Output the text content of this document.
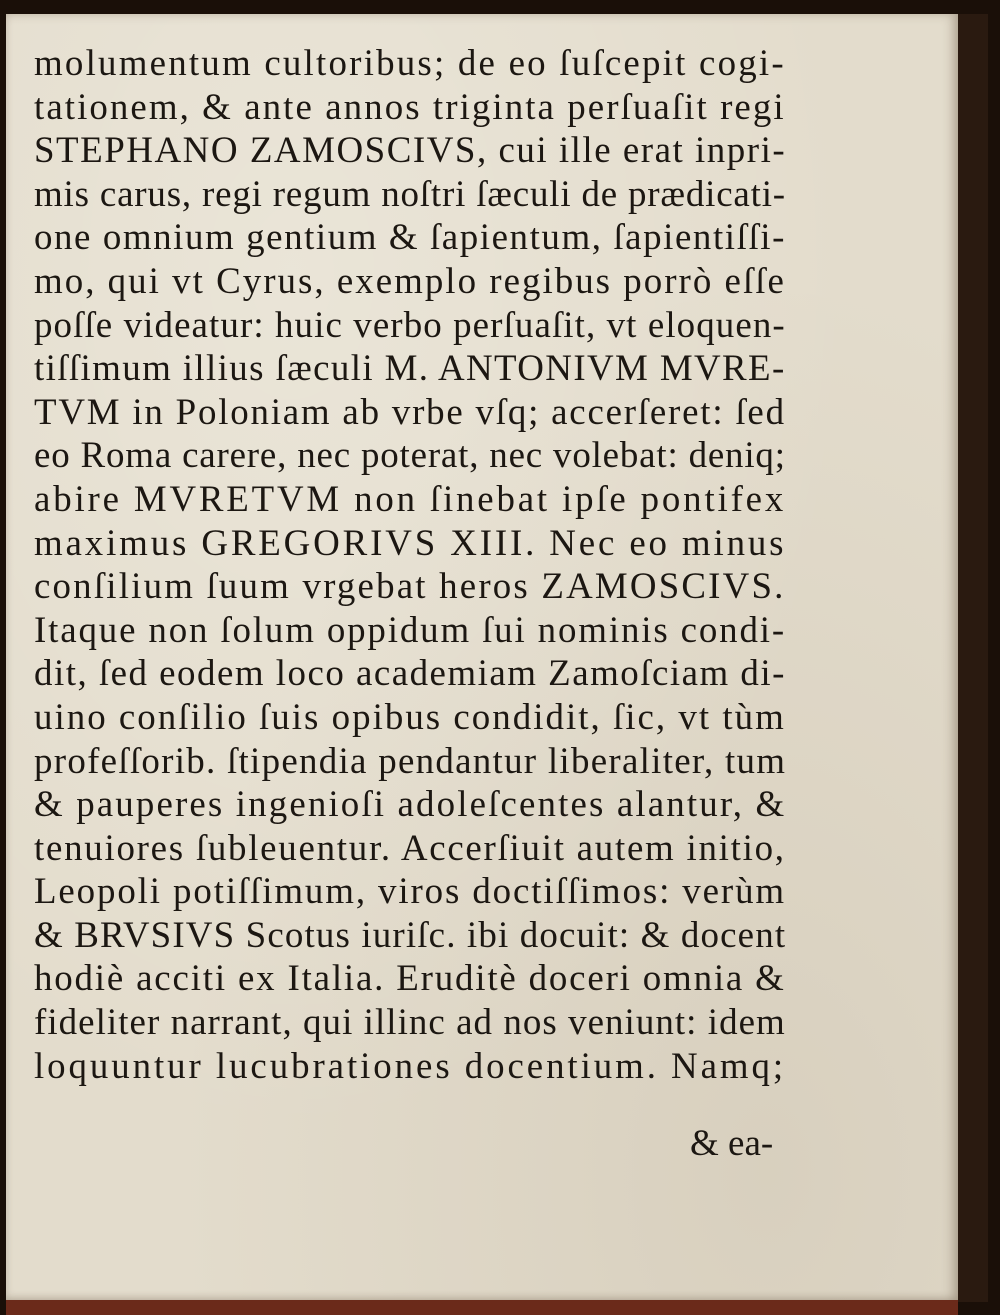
molumentum cultoribus; de eo ſuſcepit cogi-
tationem, & ante annos triginta perſuaſit regi
STEPHANO ZAMOSCIVS, cui ille erat inpri-
mis carus, regi regum noſtri ſæculi de prædicati-
one omnium gentium & ſapientum, ſapientiſſi-
mo, qui vt Cyrus, exemplo regibus porrò eſſe
poſſe videatur: huic verbo perſuaſit, vt eloquen-
tiſſimum illius ſæculi M. ANTONIVM MVRE-
TVM in Poloniam ab vrbe vſq; accerſeret: ſed
eo Roma carere, nec poterat, nec volebat: deniq;
abire MVRETVM non ſinebat ipſe pontifex
maximus GREGORIVS XIII. Nec eo minus
conſilium ſuum vrgebat heros ZAMOSCIVS.
Itaque non ſolum oppidum ſui nominis condi-
dit, ſed eodem loco academiam Zamoſciam di-
uino conſilio ſuis opibus condidit, ſic, vt tùm
profeſſorib. ſtipendia pendantur liberaliter, tum
& pauperes ingenioſi adoleſcentes alantur, &
tenuiores ſubleuentur. Accerſiuit autem initio,
Leopoli potiſſimum, viros doctiſſimos: verùm
& BRVSIVS Scotus iuriſc. ibi docuit: & docent
hodiè acciti ex Italia. Eruditè doceri omnia &
fideliter narrant, qui illinc ad nos veniunt: idem
loquuntur lucubrationes docentium. Namq;
& ea-
